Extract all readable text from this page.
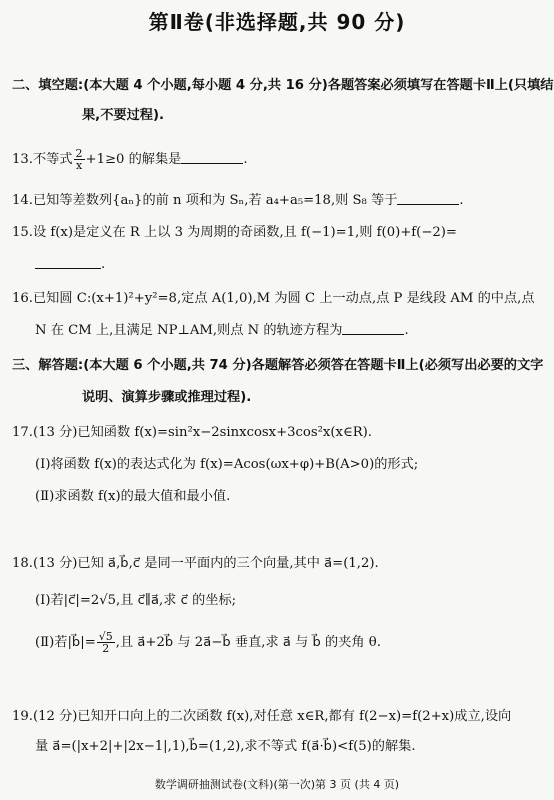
第Ⅱ卷(非选择题,共 90 分)
二、填空题:(本大题 4 个小题,每小题 4 分,共 16 分)各题答案必须填写在答题卡Ⅱ上(只填结
果,不要过程).
13.不等式 $\frac{2}{x} +1\ge 0$ 的解集是	.
14.已知等差数列{aₙ}的前 n 项和为 Sₙ,若 a₄+a₅=18,则 S₈ 等于	.
15.设 f(x)是定义在 R 上以 3 为周期的奇函数,且 f(−1)=1,则 f(0)+f(−2)=
.
16.已知圆 C:(x+1)²+y²=8,定点 A(1,0),M 为圆 C 上一动点,点 P 是线段 AM 的中点,点
N 在 CM 上,且满足 NP⊥AM,则点 N 的轨迹方程为	.
三、解答题:(本大题 6 个小题,共 74 分)各题解答必须答在答题卡Ⅱ上(必须写出必要的文字
说明、演算步骤或推理过程).
17.(13 分)已知函数 f(x)=sin²x−2sinxcosx+3cos²x(x∈R).
(Ⅰ)将函数 f(x)的表达式化为 f(x)=Acos(ωx+φ)+B(A>0)的形式;
(Ⅱ)求函数 f(x)的最大值和最小值.
18.(13 分)已知 a⃗,b⃗,c⃗ 是同一平面内的三个向量,其中 a⃗=(1,2).
(Ⅰ)若|c⃗|=2√5,且 c⃗∥a⃗,求 c⃗ 的坐标;
(Ⅱ)若|b⃗|= $\frac{√5}{2}$ ,且 a⃗+2b⃗ 与 2a⃗−b⃗ 垂直,求 a⃗ 与 b⃗ 的夹角 θ.
19.(12 分)已知开口向上的二次函数 f(x),对任意 x∈R,都有 f(2−x)=f(2+x)成立,设向
量 a⃗=(|x+2|+|2x−1|,1),b⃗=(1,2),求不等式 f(a⃗·b⃗)<f(5)的解集.
数学调研抽测试卷(文科)(第一次)第 3 页 (共 4 页)
